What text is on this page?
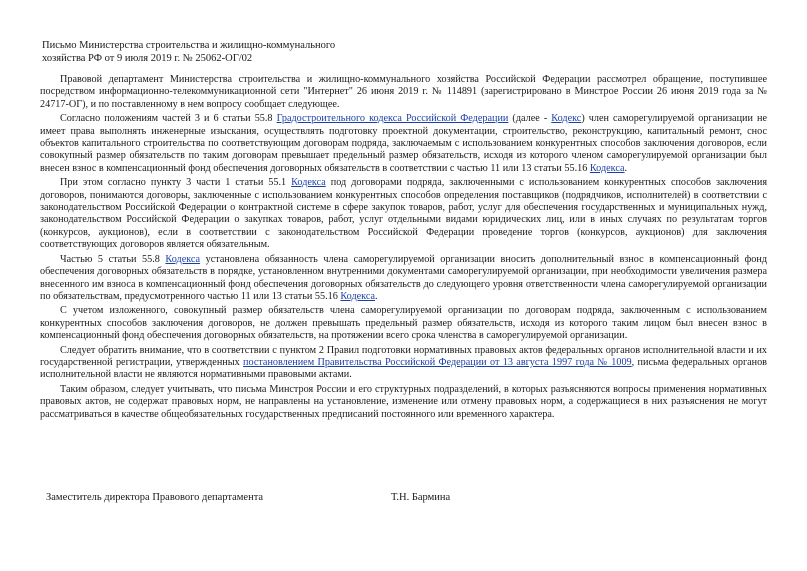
Письмо Министерства строительства и жилищно-коммунального
хозяйства РФ от 9 июля 2019 г. № 25062-ОГ/02

Правовой департамент Министерства строительства и жилищно-коммунального хозяйства Российской Федерации рассмотрел обращение, поступившее посредством информационно-телекоммуникационной сети "Интернет" 26 июня 2019 г. № 114891 (зарегистрировано в Минстрое России 26 июня 2019 года за № 24717-ОГ), и по поставленному в нем вопросу сообщает следующее.

Согласно положениям частей 3 и 6 статьи 55.8 Градостроительного кодекса Российской Федерации (далее - Кодекс) член саморегулируемой организации не имеет права выполнять инженерные изыскания, осуществлять подготовку проектной документации, строительство, реконструкцию, капитальный ремонт, снос объектов капитального строительства по соответствующим договорам подряда, заключаемым с использованием конкурентных способов заключения договоров, если совокупный размер обязательств по таким договорам превышает предельный размер обязательств, исходя из которого членом саморегулируемой организации был внесен взнос в компенсационный фонд обеспечения договорных обязательств в соответствии с частью 11 или 13 статьи 55.16 Кодекса.

При этом согласно пункту 3 части 1 статьи 55.1 Кодекса под договорами подряда, заключенными с использованием конкурентных способов заключения договоров, понимаются договоры, заключенные с использованием конкурентных способов определения поставщиков (подрядчиков, исполнителей) в соответствии с законодательством Российской Федерации о контрактной системе в сфере закупок товаров, работ, услуг для обеспечения государственных и муниципальных нужд, законодательством Российской Федерации о закупках товаров, работ, услуг отдельными видами юридических лиц, или в иных случаях по результатам торгов (конкурсов, аукционов), если в соответствии с законодательством Российской Федерации проведение торгов (конкурсов, аукционов) для заключения соответствующих договоров является обязательным.

Частью 5 статьи 55.8 Кодекса установлена обязанность члена саморегулируемой организации вносить дополнительный взнос в компенсационный фонд обеспечения договорных обязательств в порядке, установленном внутренними документами саморегулируемой организации, при необходимости увеличения размера внесенного им взноса в компенсационный фонд обеспечения договорных обязательств до следующего уровня ответственности члена саморегулируемой организации по обязательствам, предусмотренного частью 11 или 13 статьи 55.16 Кодекса.

С учетом изложенного, совокупный размер обязательств члена саморегулируемой организации по договорам подряда, заключенным с использованием конкурентных способов заключения договоров, не должен превышать предельный размер обязательств, исходя из которого таким лицом был внесен взнос в компенсационный фонд обеспечения договорных обязательств, на протяжении всего срока членства в саморегулируемой организации.

Следует обратить внимание, что в соответствии с пунктом 2 Правил подготовки нормативных правовых актов федеральных органов исполнительной власти и их государственной регистрации, утвержденных постановлением Правительства Российской Федерации от 13 августа 1997 года № 1009, письма федеральных органов исполнительной власти не являются нормативными правовыми актами.

Таким образом, следует учитывать, что письма Минстроя России и его структурных подразделений, в которых разъясняются вопросы применения нормативных правовых актов, не содержат правовых норм, не направлены на установление, изменение или отмену правовых норм, а содержащиеся в них разъяснения не могут рассматриваться в качестве общеобязательных государственных предписаний постоянного или временного характера.

Заместитель директора Правового департамента	Т.Н. Бармина
